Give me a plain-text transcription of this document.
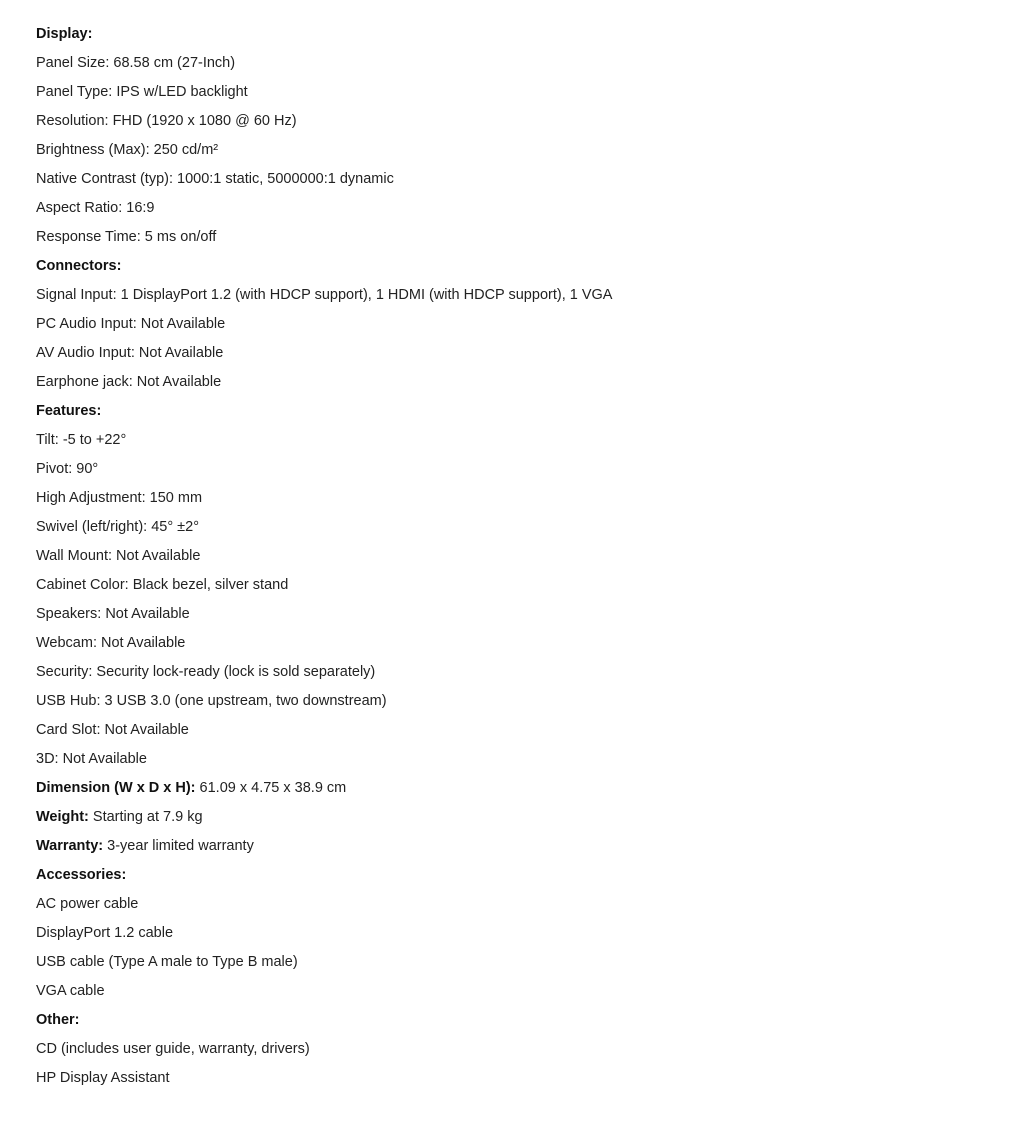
Display:
Panel Size: 68.58 cm (27-Inch)
Panel Type: IPS w/LED backlight
Resolution: FHD (1920 x 1080 @ 60 Hz)
Brightness (Max): 250 cd/m²
Native Contrast (typ): 1000:1 static, 5000000:1 dynamic
Aspect Ratio: 16:9
Response Time: 5 ms on/off
Connectors:
Signal Input: 1 DisplayPort 1.2 (with HDCP support), 1 HDMI (with HDCP support), 1 VGA
PC Audio Input: Not Available
AV Audio Input: Not Available
Earphone jack: Not Available
Features:
Tilt: -5 to +22°
Pivot: 90°
High Adjustment: 150 mm
Swivel (left/right): 45° ±2°
Wall Mount: Not Available
Cabinet Color: Black bezel, silver stand
Speakers: Not Available
Webcam: Not Available
Security: Security lock-ready (lock is sold separately)
USB Hub: 3 USB 3.0 (one upstream, two downstream)
Card Slot: Not Available
3D: Not Available
Dimension (W x D x H): 61.09 x 4.75 x 38.9 cm
Weight: Starting at 7.9 kg
Warranty: 3-year limited warranty
Accessories:
AC power cable
DisplayPort 1.2 cable
USB cable (Type A male to Type B male)
VGA cable
Other:
CD (includes user guide, warranty, drivers)
HP Display Assistant
